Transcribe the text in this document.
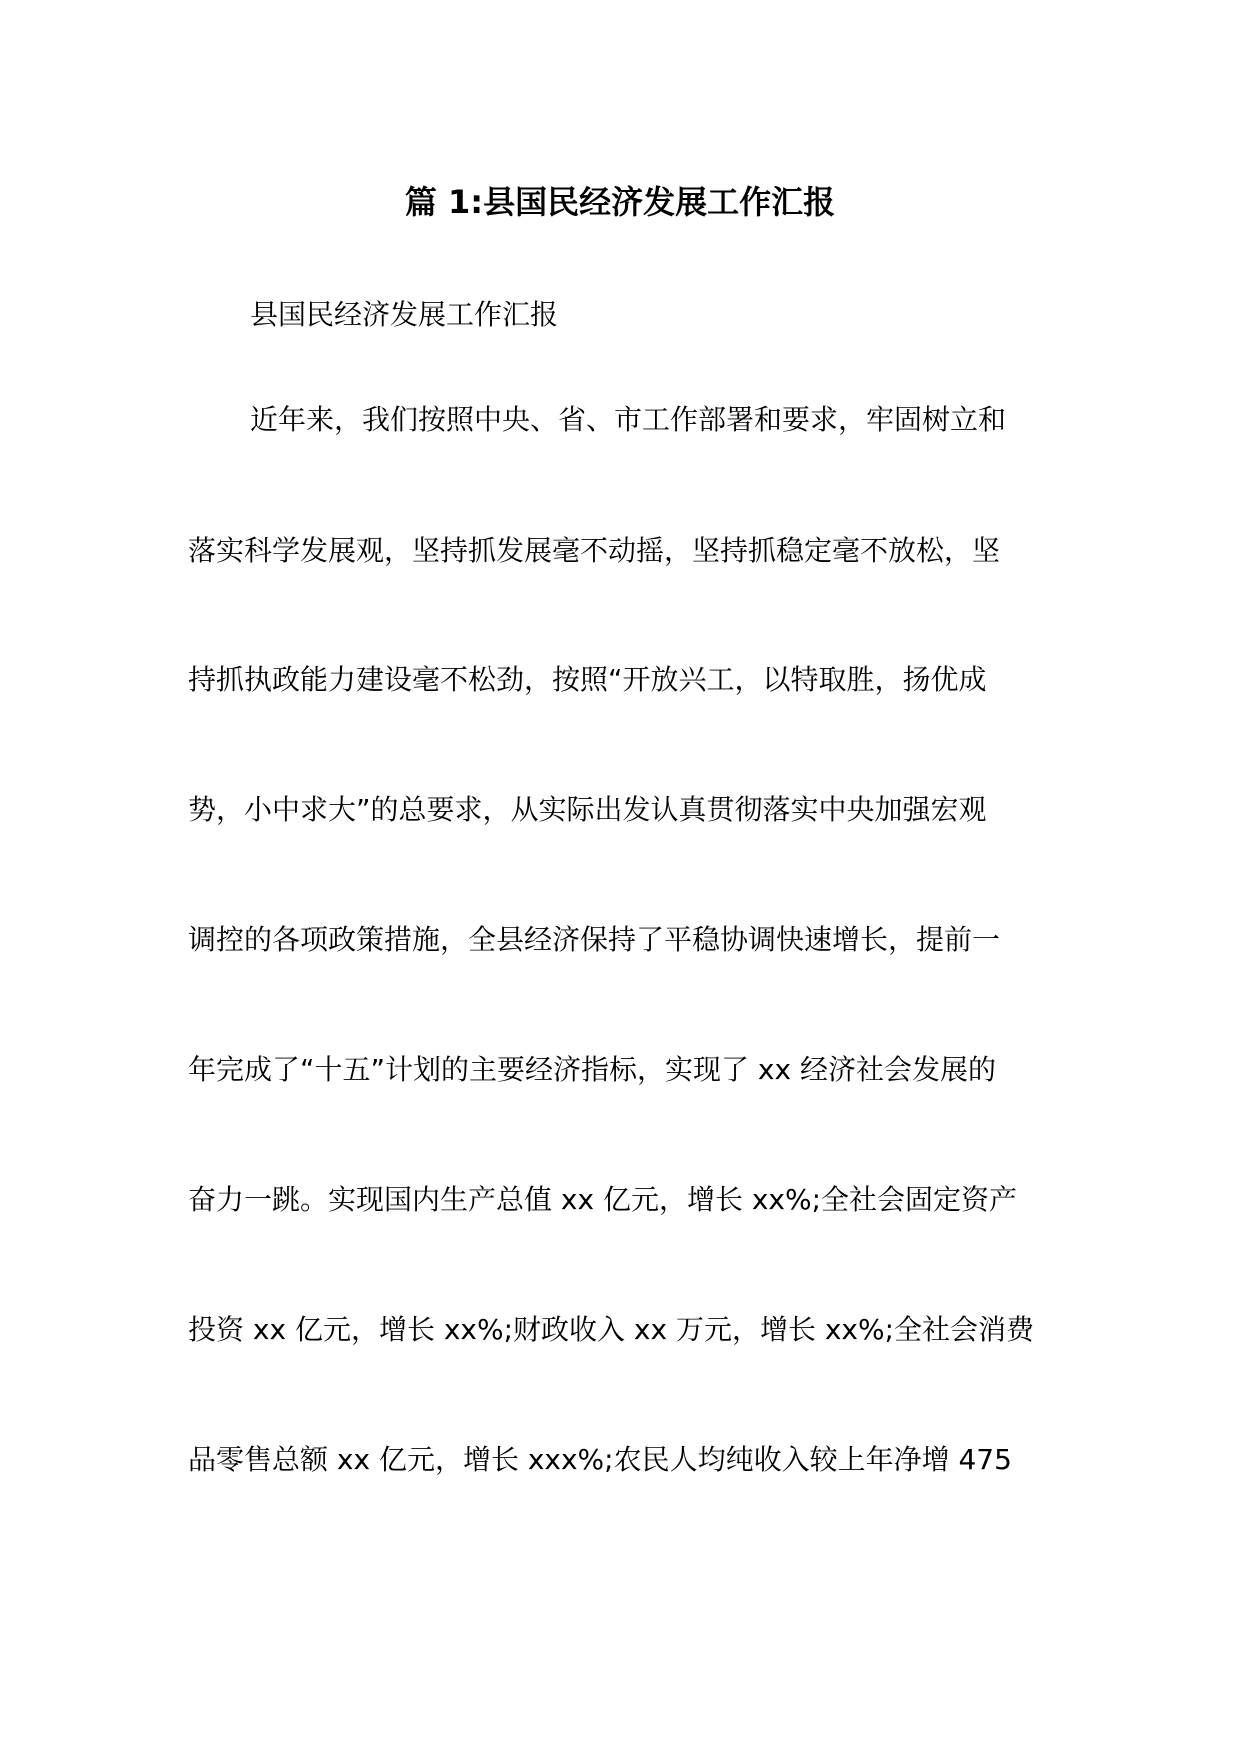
篇 1:县国民经济发展工作汇报

县国民经济发展工作汇报

近年来，我们按照中央、省、市工作部署和要求，牢固树立和

落实科学发展观，坚持抓发展毫不动摇，坚持抓稳定毫不放松，坚

持抓执政能力建设毫不松劲，按照“开放兴工，以特取胜，扬优成

势，小中求大”的总要求，从实际出发认真贯彻落实中央加强宏观

调控的各项政策措施，全县经济保持了平稳协调快速增长，提前一

年完成了“十五”计划的主要经济指标，实现了 xx 经济社会发展的

奋力一跳。实现国内生产总值 xx 亿元，增长 xx%;全社会固定资产

投资 xx 亿元，增长 xx%;财政收入 xx 万元，增长 xx%;全社会消费

品零售总额 xx 亿元，增长 xxx%;农民人均纯收入较上年净增 475
